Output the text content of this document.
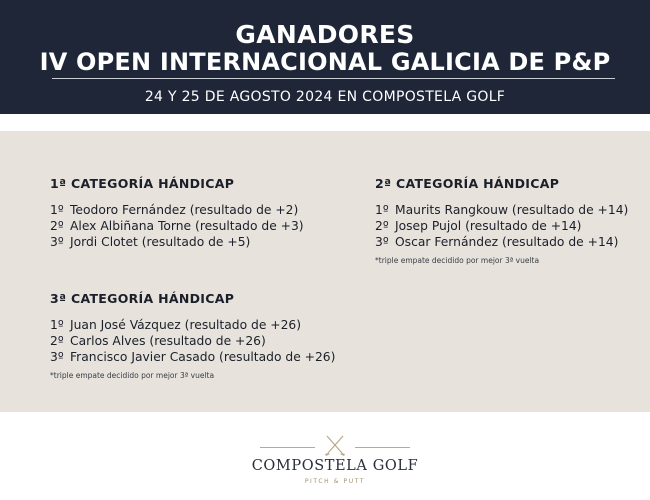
GANADORES
IV OPEN INTERNACIONAL GALICIA DE P&P
24 Y 25 DE AGOSTO 2024 EN COMPOSTELA GOLF
1ª CATEGORÍA HÁNDICAP
1º Teodoro Fernández (resultado de +2)
2º Alex Albiñana Torne (resultado de +3)
3º Jordi Clotet (resultado de +5)
2ª CATEGORÍA HÁNDICAP
1º Maurits Rangkouw (resultado de +14)
2º Josep Pujol (resultado de +14)
3º Oscar Fernández (resultado de +14)
*triple empate decidido por mejor 3ª vuelta
3ª CATEGORÍA HÁNDICAP
1º Juan José Vázquez (resultado de +26)
2º Carlos Alves (resultado de +26)
3º Francisco Javier Casado (resultado de +26)
*triple empate decidido por mejor 3ª vuelta
COMPOSTELA GOLF
PITCH & PUTT
